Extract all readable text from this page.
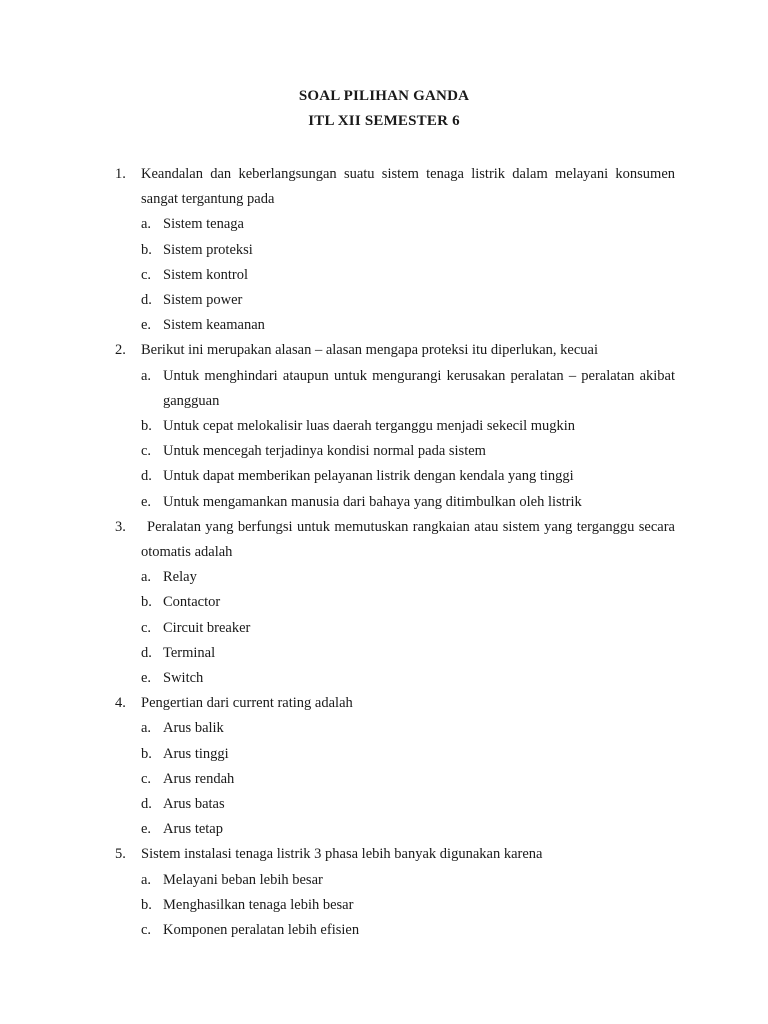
SOAL PILIHAN GANDA
ITL XII SEMESTER 6
1. Keandalan dan keberlangsungan suatu sistem tenaga listrik dalam melayani konsumen sangat tergantung pada
a. Sistem tenaga
b. Sistem proteksi
c. Sistem kontrol
d. Sistem power
e. Sistem keamanan
2. Berikut ini merupakan alasan – alasan mengapa proteksi itu diperlukan, kecuai
a. Untuk menghindari ataupun untuk mengurangi kerusakan peralatan – peralatan akibat gangguan
b. Untuk cepat melokalisir luas daerah terganggu menjadi sekecil mugkin
c. Untuk mencegah terjadinya kondisi normal pada sistem
d. Untuk dapat memberikan pelayanan listrik dengan kendala yang tinggi
e. Untuk mengamankan manusia dari bahaya yang ditimbulkan oleh listrik
3.	Peralatan yang berfungsi untuk memutuskan rangkaian atau sistem yang terganggu secara otomatis adalah
a. Relay
b. Contactor
c. Circuit breaker
d. Terminal
e. Switch
4. Pengertian dari current rating adalah
a. Arus balik
b. Arus tinggi
c. Arus rendah
d. Arus batas
e. Arus tetap
5. Sistem instalasi tenaga listrik 3 phasa lebih banyak digunakan karena
a. Melayani beban lebih besar
b. Menghasilkan tenaga lebih besar
c. Komponen peralatan lebih efisien
